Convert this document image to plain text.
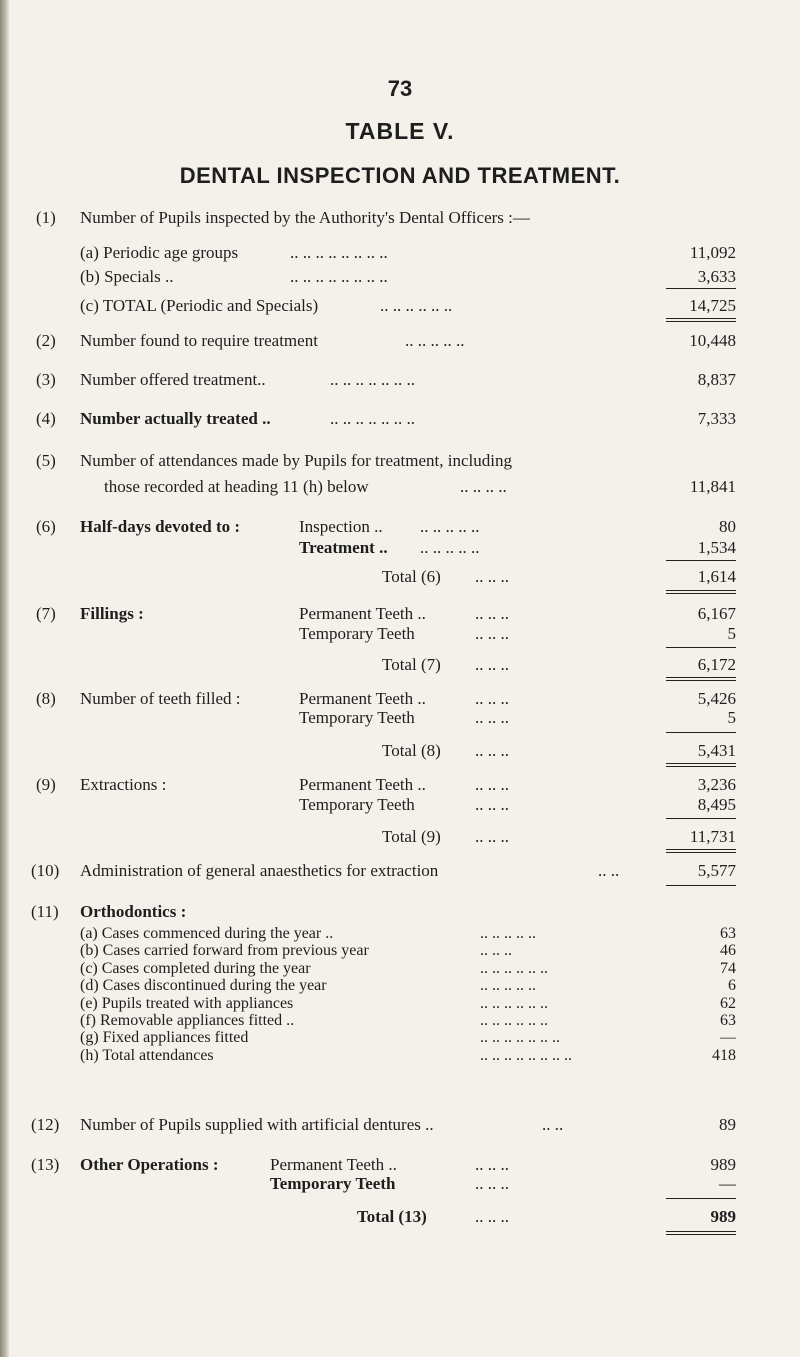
73
TABLE V.
DENTAL INSPECTION AND TREATMENT.
(1) Number of Pupils inspected by the Authority's Dental Officers :—
(a) Periodic age groups	.. .. .. .. .. .. .. ..	11,092
(b) Specials ..	.. .. .. .. .. .. .. ..	3,633
(c) TOTAL (Periodic and Specials)	.. .. .. .. .. ..	14,725
(2) Number found to require treatment	.. .. .. .. ..	10,448
(3) Number offered treatment..	.. .. .. .. .. .. ..	8,837
(4) Number actually treated ..	.. .. .. .. .. .. ..	7,333
(5) Number of attendances made by Pupils for treatment, including
those recorded at heading 11 (h) below	.. .. .. ..	11,841
(6) Half-days devoted to :	Inspection .. .. .. .. .. ..	80
Treatment .. .. .. .. .. ..	1,534
Total (6) .. .. ..	1,614
(7) Fillings :	Permanent Teeth ..	.. .. ..	6,167
Temporary Teeth	.. .. ..	5
Total (7) .. .. ..	6,172
(8) Number of teeth filled :	Permanent Teeth ..	.. .. ..	5,426
Temporary Teeth	.. .. ..	5
Total (8) .. .. ..	5,431
(9) Extractions :	Permanent Teeth ..	.. .. ..	3,236
Temporary Teeth	.. .. ..	8,495
Total (9) .. .. ..	11,731
(10) Administration of general anaesthetics for extraction	.. ..	5,577
(11) Orthodontics :
(a) Cases commenced during the year ..	.. .. .. .. ..	63
(b) Cases carried forward from previous year	.. .. ..	46
(c) Cases completed during the year	.. .. .. .. .. ..	74
(d) Cases discontinued during the year	.. .. .. .. ..	6
(e) Pupils treated with appliances	.. .. .. .. .. ..	62
(f) Removable appliances fitted ..	.. .. .. .. .. ..	63
(g) Fixed appliances fitted	.. .. .. .. .. .. ..	—
(h) Total attendances	.. .. .. .. .. .. .. ..	418
(12) Number of Pupils supplied with artificial dentures ..	.. ..	89
(13) Other Operations :	Permanent Teeth ..	.. .. ..	989
Temporary Teeth	.. .. ..	—
Total (13)	.. .. ..	989
